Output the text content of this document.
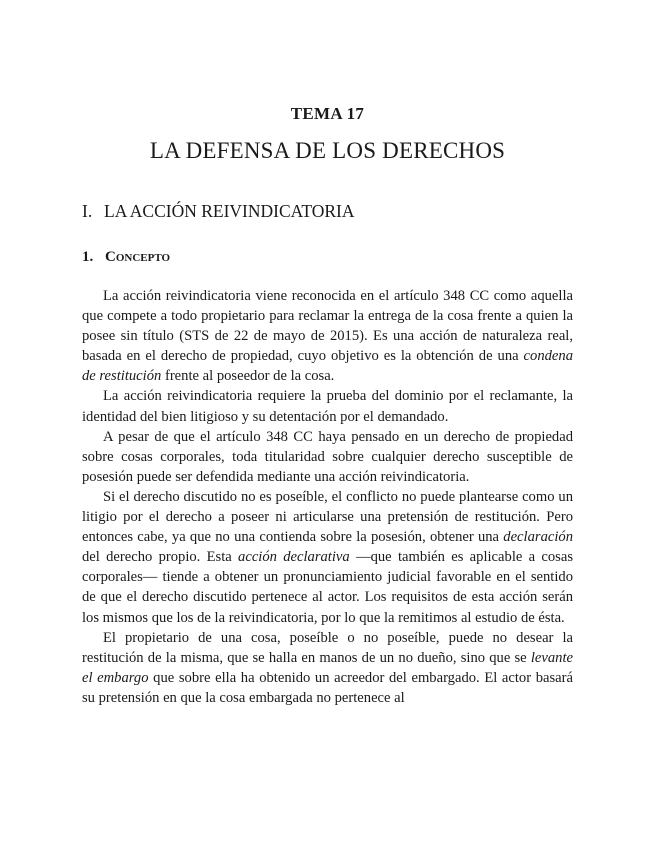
TEMA 17
LA DEFENSA DE LOS DERECHOS
I. LA ACCIÓN REIVINDICATORIA
1. Concepto

La acción reivindicatoria viene reconocida en el artículo 348 CC como aquella que compete a todo propietario para reclamar la entrega de la cosa frente a quien la posee sin título (STS de 22 de mayo de 2015). Es una acción de naturaleza real, basada en el derecho de propiedad, cuyo objetivo es la obtención de una condena de restitución frente al poseedor de la cosa.

La acción reivindicatoria requiere la prueba del dominio por el reclamante, la identidad del bien litigioso y su detentación por el demandado.

A pesar de que el artículo 348 CC haya pensado en un derecho de propiedad sobre cosas corporales, toda titularidad sobre cualquier derecho susceptible de posesión puede ser defendida mediante una acción reivindicatoria.

Si el derecho discutido no es poseíble, el conflicto no puede plantearse como un litigio por el derecho a poseer ni articularse una pretensión de restitución. Pero entonces cabe, ya que no una contienda sobre la posesión, obtener una declaración del derecho propio. Esta acción declarativa —que también es aplicable a cosas corporales— tiende a obtener un pronunciamiento judicial favorable en el sentido de que el derecho discutido pertenece al actor. Los requisitos de esta acción serán los mismos que los de la reivindicatoria, por lo que la remitimos al estudio de ésta.

El propietario de una cosa, poseíble o no poseíble, puede no desear la restitución de la misma, que se halla en manos de un no dueño, sino que se levante el embargo que sobre ella ha obtenido un acreedor del embargado. El actor basará su pretensión en que la cosa embargada no pertenece al
